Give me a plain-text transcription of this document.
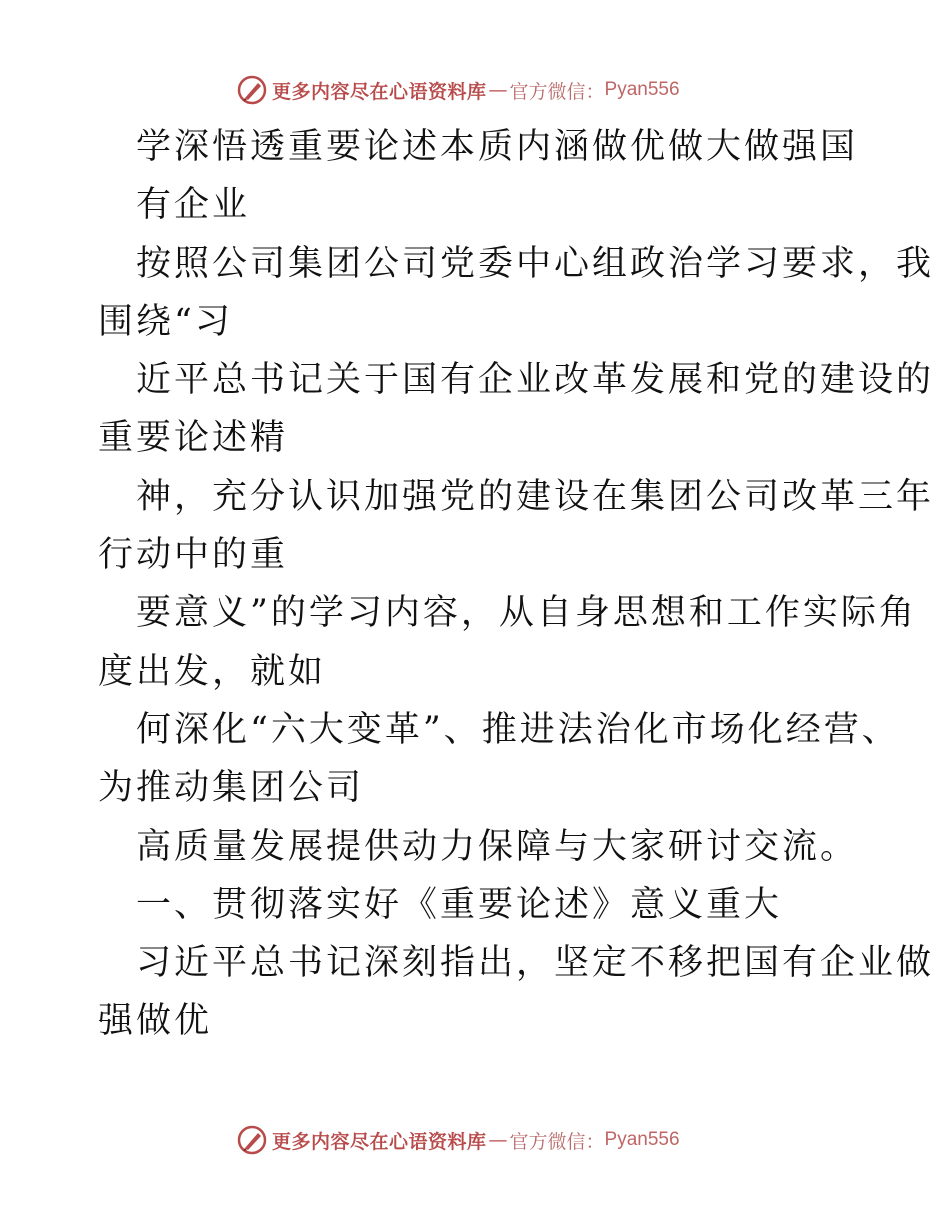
更多内容尽在心语资料库 — 官方微信： Pyan556
学深悟透重要论述本质内涵做优做大做强国
有企业
按照公司集团公司党委中心组政治学习要求，我
围绕“习
近平总书记关于国有企业改革发展和党的建设的
重要论述精
神，充分认识加强党的建设在集团公司改革三年
行动中的重
要意义”的学习内容，从自身思想和工作实际角
度出发，就如
何深化“六大变革”、推进法治化市场化经营、
为推动集团公司
高质量发展提供动力保障与大家研讨交流。
一、贯彻落实好《重要论述》意义重大
习近平总书记深刻指出，坚定不移把国有企业做
强做优
更多内容尽在心语资料库 — 官方微信： Pyan556
